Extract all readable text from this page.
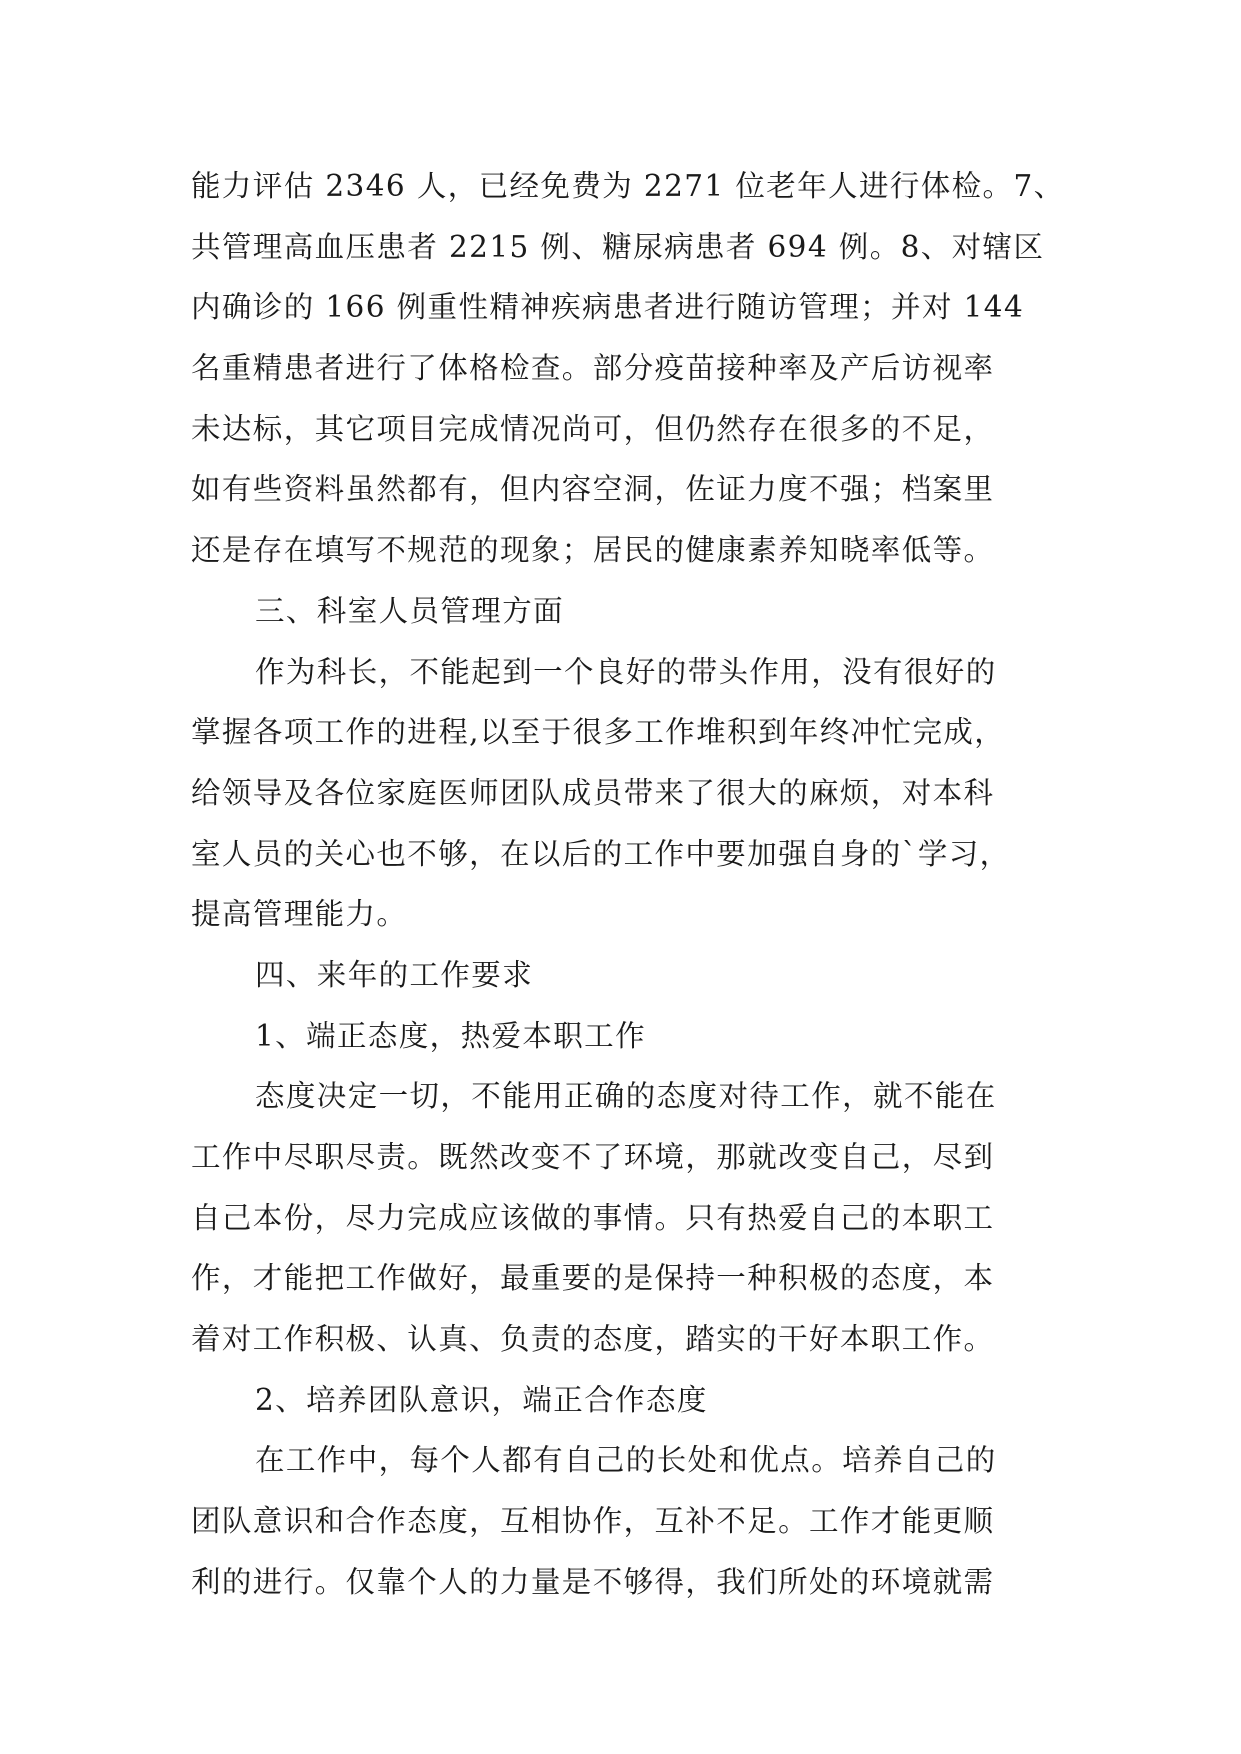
能力评估 2346 人，已经免费为 2271 位老年人进行体检。7、
共管理高血压患者 2215 例、糖尿病患者 694 例。8、对辖区
内确诊的 166 例重性精神疾病患者进行随访管理；并对 144
名重精患者进行了体格检查。部分疫苗接种率及产后访视率
未达标，其它项目完成情况尚可，但仍然存在很多的不足，
如有些资料虽然都有，但内容空洞，佐证力度不强；档案里
还是存在填写不规范的现象；居民的健康素养知晓率低等。
三、科室人员管理方面
作为科长，不能起到一个良好的带头作用，没有很好的
掌握各项工作的进程,以至于很多工作堆积到年终冲忙完成，
给领导及各位家庭医师团队成员带来了很大的麻烦，对本科
室人员的关心也不够，在以后的工作中要加强自身的`学习，
提高管理能力。
四、来年的工作要求
1、端正态度，热爱本职工作
态度决定一切，不能用正确的态度对待工作，就不能在
工作中尽职尽责。既然改变不了环境，那就改变自己，尽到
自己本份，尽力完成应该做的事情。只有热爱自己的本职工
作，才能把工作做好，最重要的是保持一种积极的态度，本
着对工作积极、认真、负责的态度，踏实的干好本职工作。
2、培养团队意识，端正合作态度
在工作中，每个人都有自己的长处和优点。培养自己的
团队意识和合作态度，互相协作，互补不足。工作才能更顺
利的进行。仅靠个人的力量是不够得，我们所处的环境就需
